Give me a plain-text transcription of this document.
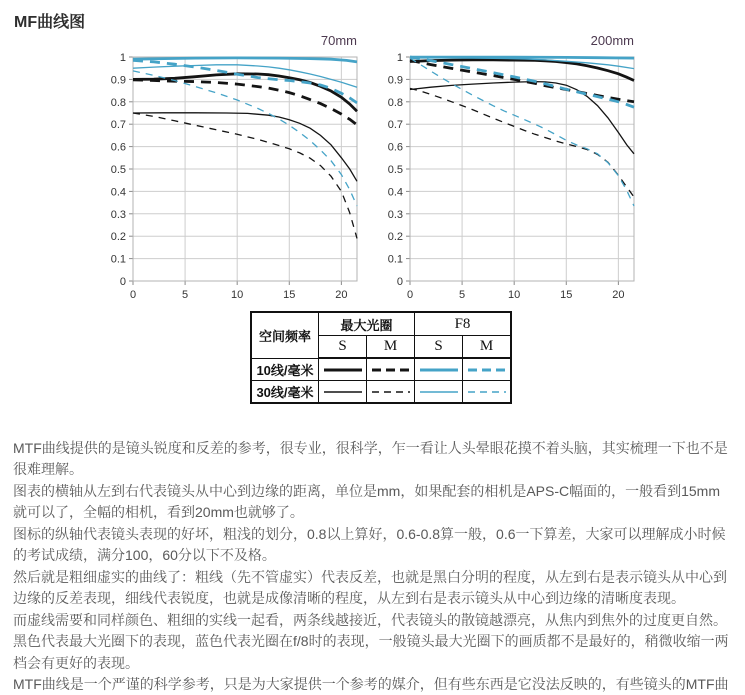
MF曲线图
0
0.1
0.2
0.3
0.4
0.5
0.6
0.7
0.8
0.9
1
0	5	10	15	20
70mm
0
0.1
0.2
0.3
0.4
0.5
0.6
0.7
0.8
0.9
1
0	5	10	15	20
200mm
空间频率	最大光圈		F8	
	S	M	S	M
10线/毫米	

30线/毫米	

MTF曲线提供的是镜头锐度和反差的参考，很专业，很科学，乍一看让人头晕眼花摸不着头脑，其实梳理一下也不是
很难理解。
图表的横轴从左到右代表镜头从中心到边缘的距离，单位是mm，如果配套的相机是APS-C幅面的，一般看到15mm
就可以了，全幅的相机，看到20mm也就够了。
图标的纵轴代表镜头表现的好坏，粗浅的划分，0.8以上算好，0.6-0.8算一般，0.6一下算差，大家可以理解成小时候
的考试成绩，满分100，60分以下不及格。
然后就是粗细虚实的曲线了：粗线（先不管虚实）代表反差，也就是黑白分明的程度，从左到右是表示镜头从中心到
边缘的反差表现，细线代表锐度，也就是成像清晰的程度，从左到右是表示镜头从中心到边缘的清晰度表现。
而虚线需要和同样颜色、粗细的实线一起看，两条线越接近，代表镜头的散镜越漂亮，从焦内到焦外的过度更自然。
黑色代表最大光圈下的表现，蓝色代表光圈在f/8时的表现，一般镜头最大光圈下的画质都不是最好的，稍微收缩一两
档会有更好的表现。
MTF曲线是一个严谨的科学参考，只是为大家提供一个参考的媒介，但有些东西是它没法反映的，有些镜头的MTF曲
